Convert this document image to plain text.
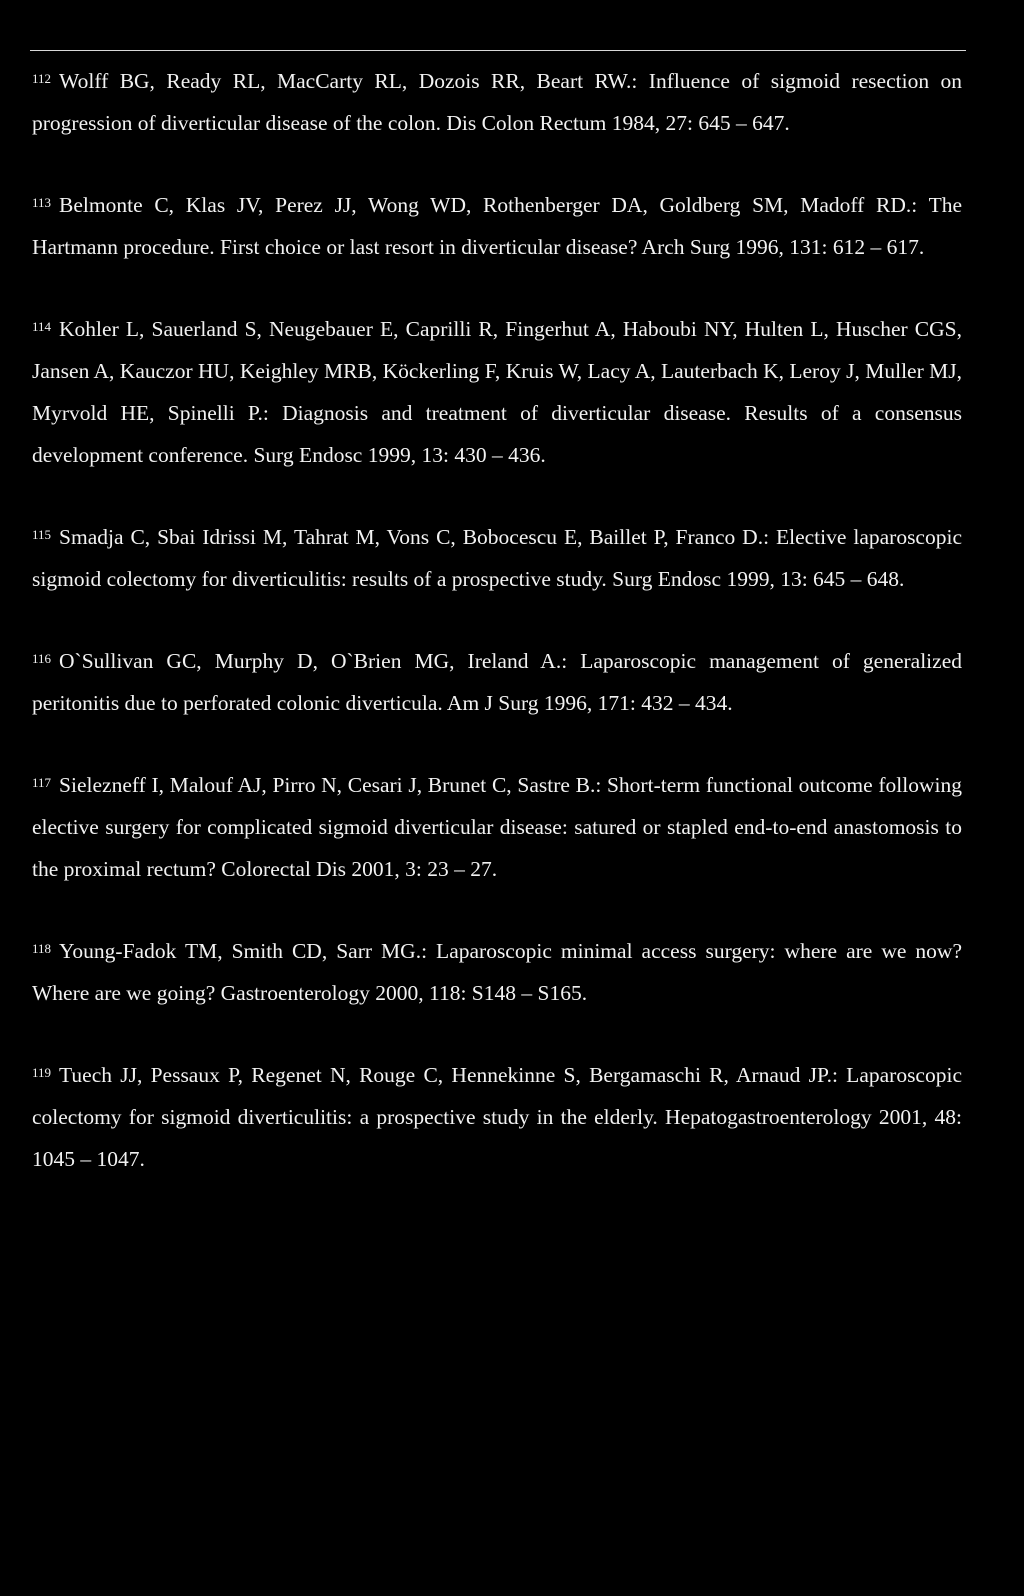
$^{112}$ Wolff BG, Ready RL, MacCarty RL, Dozois RR, Beart RW.: Influence of sigmoid resection on progression of diverticular disease of the colon. Dis Colon Rectum 1984, 27: 645 – 647.

$^{113}$ Belmonte C, Klas JV, Perez JJ, Wong WD, Rothenberger DA, Goldberg SM, Madoff RD.: The Hartmann procedure. First choice or last resort in diverticular disease? Arch Surg 1996, 131: 612 – 617.

$^{114}$ Kohler L, Sauerland S, Neugebauer E, Caprilli R, Fingerhut A, Haboubi NY, Hulten L, Huscher CGS, Jansen A, Kauczor HU, Keighley MRB, Köckerling F, Kruis W, Lacy A, Lauterbach K, Leroy J, Muller MJ, Myrvold HE, Spinelli P.: Diagnosis and treatment of diverticular disease. Results of a consensus development conference. Surg Endosc 1999, 13: 430 – 436.

$^{115}$ Smadja C, Sbai Idrissi M, Tahrat M, Vons C, Bobocescu E, Baillet P, Franco D.: Elective laparoscopic sigmoid colectomy for diverticulitis: results of a prospective study. Surg Endosc 1999, 13: 645 – 648.

$^{116}$ O`Sullivan GC, Murphy D, O`Brien MG, Ireland A.: Laparoscopic management of generalized peritonitis due to perforated colonic diverticula. Am J Surg 1996, 171: 432 – 434.

$^{117}$ Sielezneff I, Malouf AJ, Pirro N, Cesari J, Brunet C, Sastre B.: Short-term functional outcome following elective surgery for complicated sigmoid diverticular disease: satured or stapled end-to-end anastomosis to the proximal rectum? Colorectal Dis 2001, 3: 23 – 27.

$^{118}$ Young-Fadok TM, Smith CD, Sarr MG.: Laparoscopic minimal access surgery: where are we now? Where are we going? Gastroenterology 2000, 118: S148 – S165.

$^{119}$ Tuech JJ, Pessaux P, Regenet N, Rouge C, Hennekinne S, Bergamaschi R, Arnaud JP.: Laparoscopic colectomy for sigmoid diverticulitis: a prospective study in the elderly. Hepatogastroenterology 2001, 48: 1045 – 1047.
